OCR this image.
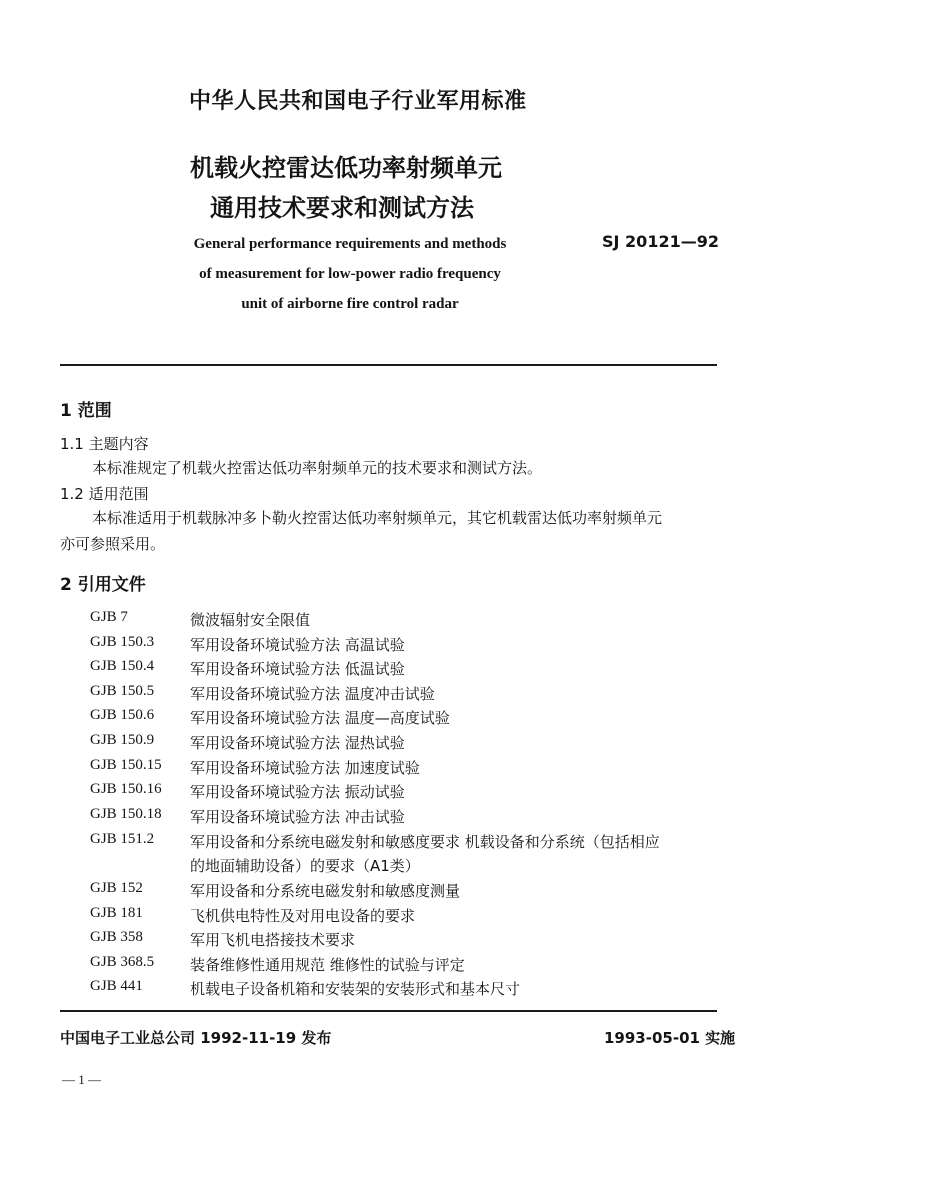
中华人民共和国电子行业军用标准
机载火控雷达低功率射频单元
通用技术要求和测试方法
General performance requirements and methods
of measurement for low-power radio frequency
unit of airborne fire control radar
SJ 20121—92
1 范围
1.1 主题内容
本标准规定了机载火控雷达低功率射频单元的技术要求和测试方法。
1.2 适用范围
本标准适用于机载脉冲多卜勒火控雷达低功率射频单元，其它机载雷达低功率射频单元
亦可参照采用。
2 引用文件
GJB 7	微波辐射安全限值
GJB 150.3 军用设备环境试验方法 高温试验
GJB 150.4 军用设备环境试验方法 低温试验
GJB 150.5 军用设备环境试验方法 温度冲击试验
GJB 150.6 军用设备环境试验方法 温度—高度试验
GJB 150.9 军用设备环境试验方法 湿热试验
GJB 150.15 军用设备环境试验方法 加速度试验
GJB 150.16 军用设备环境试验方法 振动试验
GJB 150.18 军用设备环境试验方法 冲击试验
GJB 151.2 军用设备和分系统电磁发射和敏感度要求 机载设备和分系统（包括相应
的地面辅助设备）的要求（A1类）
GJB 152	军用设备和分系统电磁发射和敏感度测量
GJB 181	飞机供电特性及对用电设备的要求
GJB 358	军用飞机电搭接技术要求
GJB 368.5 装备维修性通用规范 维修性的试验与评定
GJB 441	机载电子设备机箱和安装架的安装形式和基本尺寸
中国电子工业总公司 1992-11-19 发布	1993-05-01 实施
— 1 —
